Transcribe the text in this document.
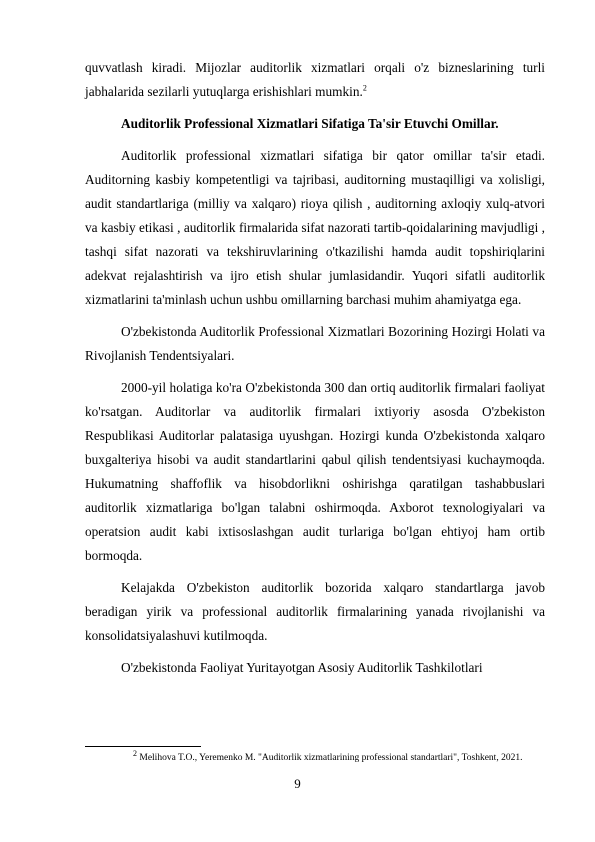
quvvatlash kiradi. Mijozlar auditorlik xizmatlari orqali o'z bizneslarining turli jabhalarida sezilarli yutuqlarga erishishlari mumkin.$^2$

Auditorlik Professional Xizmatlari Sifatiga Ta'sir Etuvchi Omillar.

Auditorlik professional xizmatlari sifatiga bir qator omillar ta'sir etadi. Auditorning kasbiy kompetentligi va tajribasi, auditorning mustaqilligi va xolisligi, audit standartlariga (milliy va xalqaro) rioya qilish , auditorning axloqiy xulq-atvori va kasbiy etikasi , auditorlik firmalarida sifat nazorati tartib-qoidalarining mavjudligi , tashqi sifat nazorati va tekshiruvlarining o'tkazilishi hamda audit topshiriqlarini adekvat rejalashtirish va ijro etish shular jumlasidandir. Yuqori sifatli auditorlik xizmatlarini ta'minlash uchun ushbu omillarning barchasi muhim ahamiyatga ega.

O'zbekistonda Auditorlik Professional Xizmatlari Bozorining Hozirgi Holati va Rivojlanish Tendentsiyalari.

2000-yil holatiga ko'ra O'zbekistonda 300 dan ortiq auditorlik firmalari faoliyat ko'rsatgan. Auditorlar va auditorlik firmalari ixtiyoriy asosda O'zbekiston Respublikasi Auditorlar palatasiga uyushgan. Hozirgi kunda O'zbekistonda xalqaro buxgalteriya hisobi va audit standartlarini qabul qilish tendentsiyasi kuchaymoqda. Hukumatning shaffoflik va hisobdorlikni oshirishga qaratilgan tashabbuslari auditorlik xizmatlariga bo'lgan talabni oshirmoqda. Axborot texnologiyalari va operatsion audit kabi ixtisoslashgan audit turlariga bo'lgan ehtiyoj ham ortib bormoqda.

Kelajakda O'zbekiston auditorlik bozorida xalqaro standartlarga javob beradigan yirik va professional auditorlik firmalarining yanada rivojlanishi va konsolidatsiyalashuvi kutilmoqda.

O'zbekistonda Faoliyat Yuritayotgan Asosiy Auditorlik Tashkilotlari

$^2$ Melihova T.O., Yeremenko M. "Auditorlik xizmatlarining professional standartlari", Toshkent, 2021.
9
